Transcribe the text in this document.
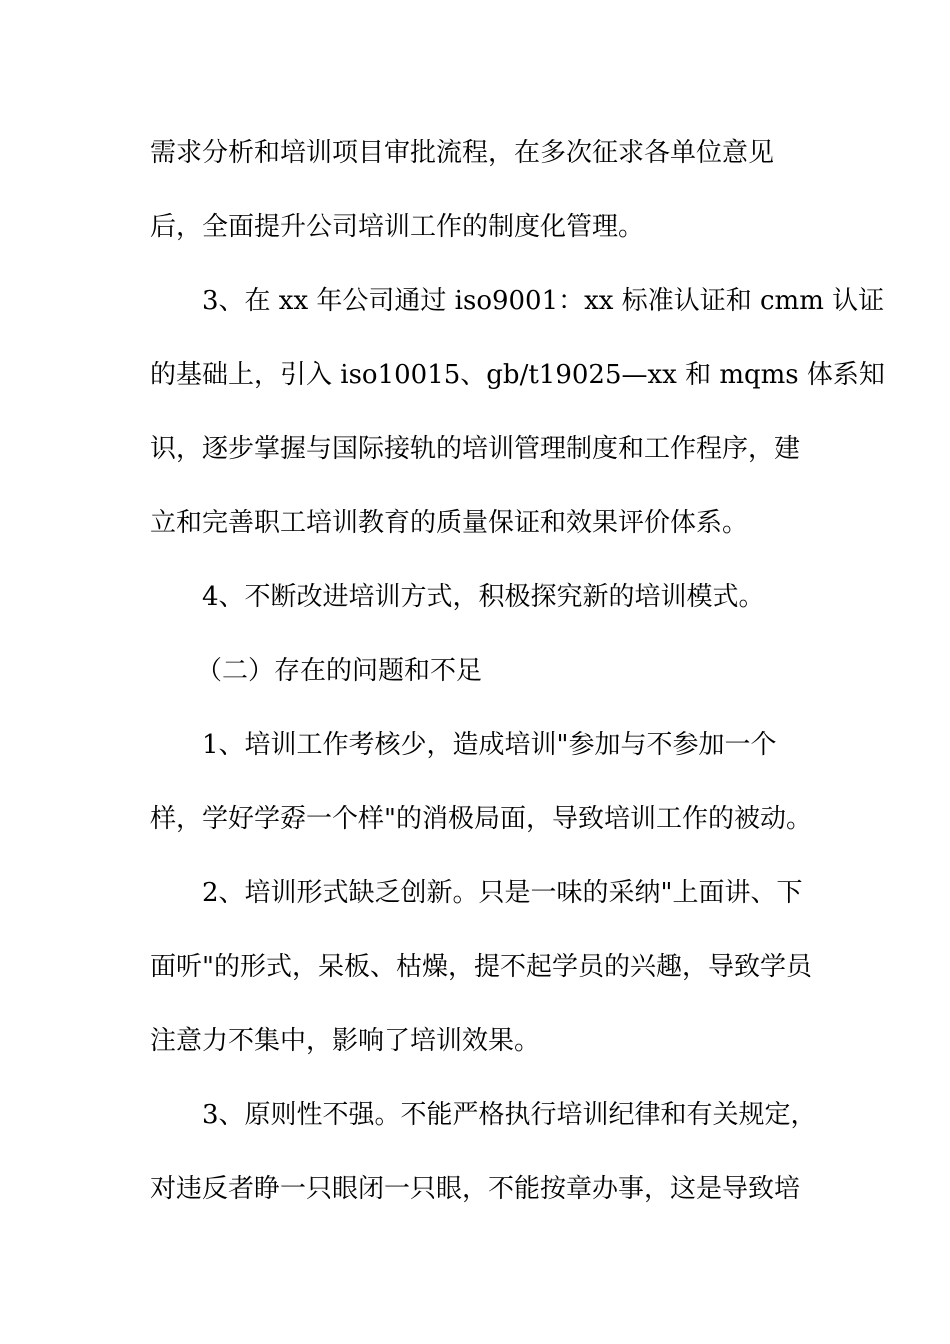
需求分析和培训项目审批流程，在多次征求各单位意见
后，全面提升公司培训工作的制度化管理。
3、在 xx 年公司通过 iso9001：xx 标准认证和 cmm 认证
的基础上，引入 iso10015、gb/t19025—xx 和 mqms 体系知
识，逐步掌握与国际接轨的培训管理制度和工作程序，建
立和完善职工培训教育的质量保证和效果评价体系。
4、不断改进培训方式，积极探究新的培训模式。
（二）存在的问题和不足
1、培训工作考核少，造成培训"参加与不参加一个
样，学好学孬一个样"的消极局面，导致培训工作的被动。
2、培训形式缺乏创新。只是一味的采纳"上面讲、下
面听"的形式，呆板、枯燥，提不起学员的兴趣，导致学员
注意力不集中，影响了培训效果。
3、原则性不强。不能严格执行培训纪律和有关规定，
对违反者睁一只眼闭一只眼，不能按章办事，这是导致培
